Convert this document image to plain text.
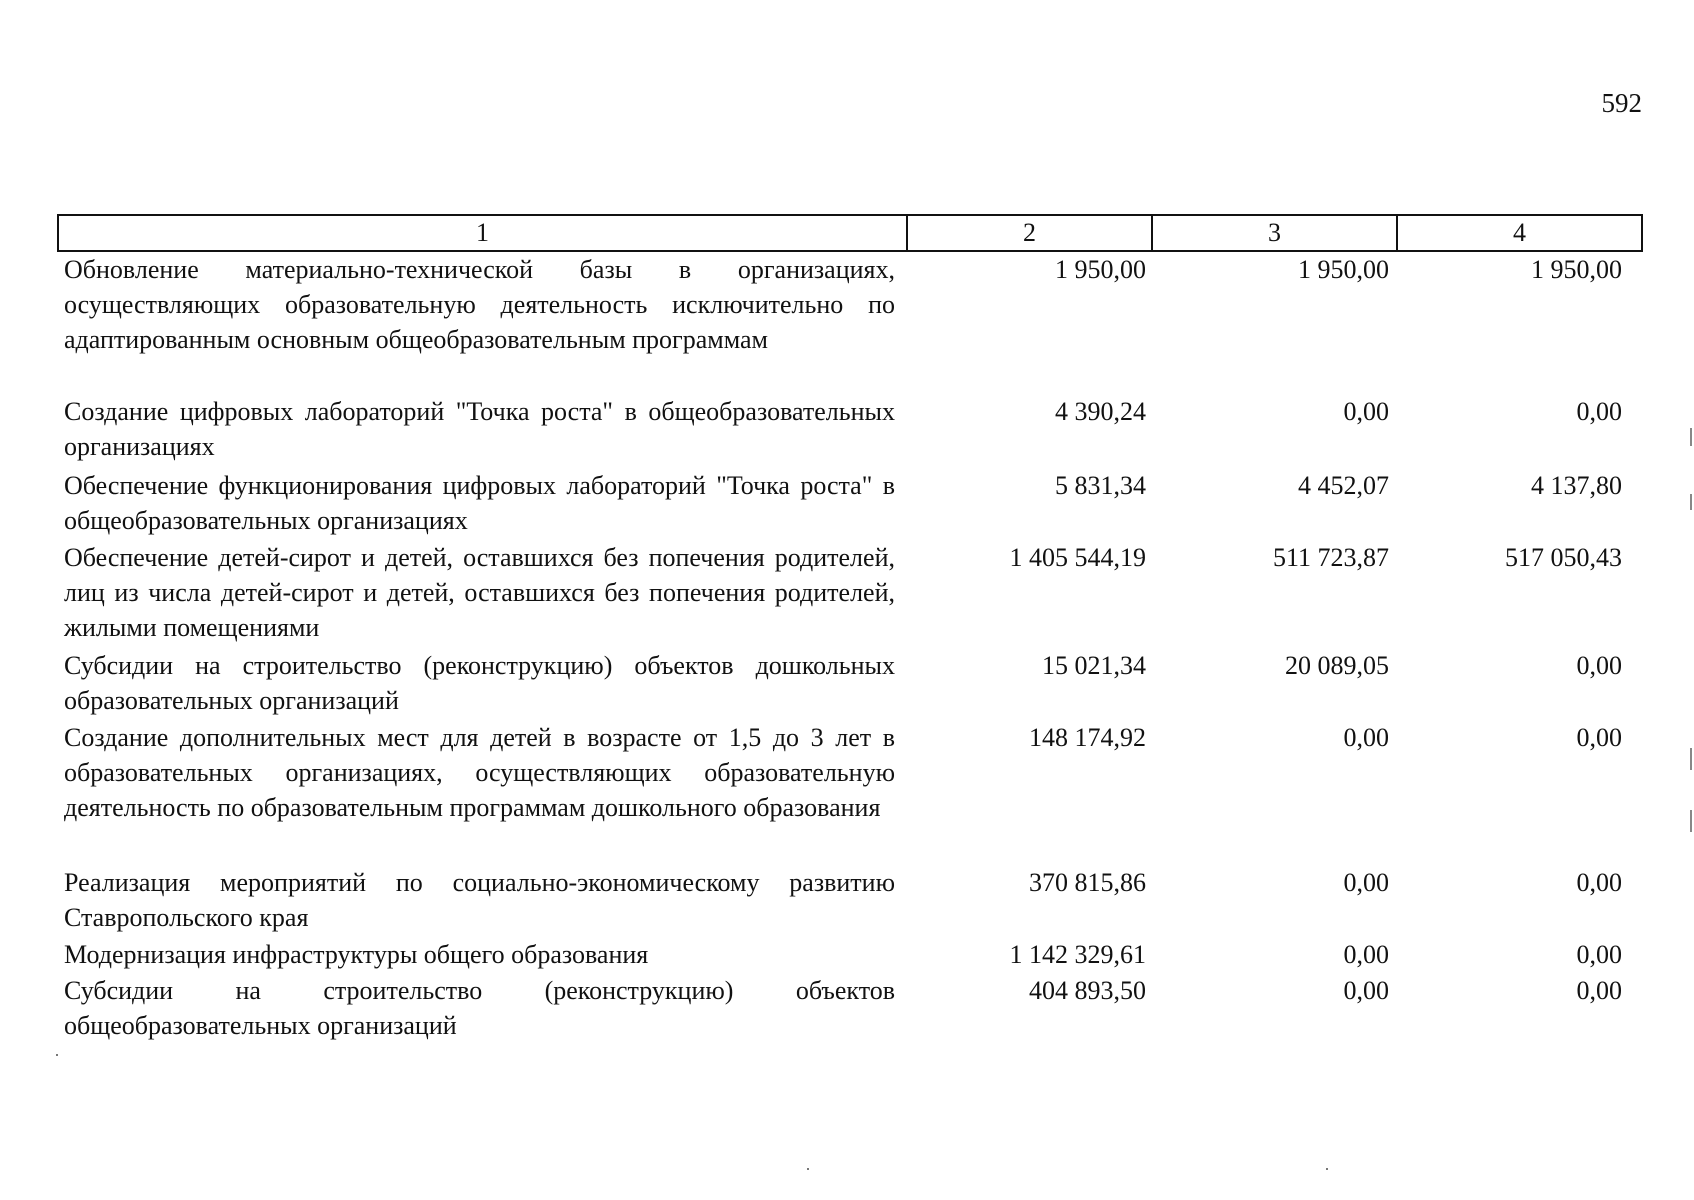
592
1	2	3	4
Обновление материально-технической базы в организациях, осуществляющих образовательную деятельность исключительно по адаптированным основным общеобразовательным программам	1 950,00	1 950,00	1 950,00
Создание цифровых лабораторий "Точка роста" в общеобразовательных организациях	4 390,24	0,00	0,00
Обеспечение функционирования цифровых лабораторий "Точка роста" в общеобразовательных организациях	5 831,34	4 452,07	4 137,80
Обеспечение детей-сирот и детей, оставшихся без попечения родителей, лиц из числа детей-сирот и детей, оставшихся без попечения родителей, жилыми помещениями	1 405 544,19	511 723,87	517 050,43
Субсидии на строительство (реконструкцию) объектов дошкольных образовательных организаций	15 021,34	20 089,05	0,00
Создание дополнительных мест для детей в возрасте от 1,5 до 3 лет в образовательных организациях, осуществляющих образовательную деятельность по образовательным программам дошкольного образования	148 174,92	0,00	0,00
Реализация мероприятий по социально-экономическому развитию Ставропольского края	370 815,86	0,00	0,00
Модернизация инфраструктуры общего образования	1 142 329,61	0,00	0,00
Субсидии на строительство (реконструкцию) объектов общеобразовательных организаций	404 893,50	0,00	0,00
